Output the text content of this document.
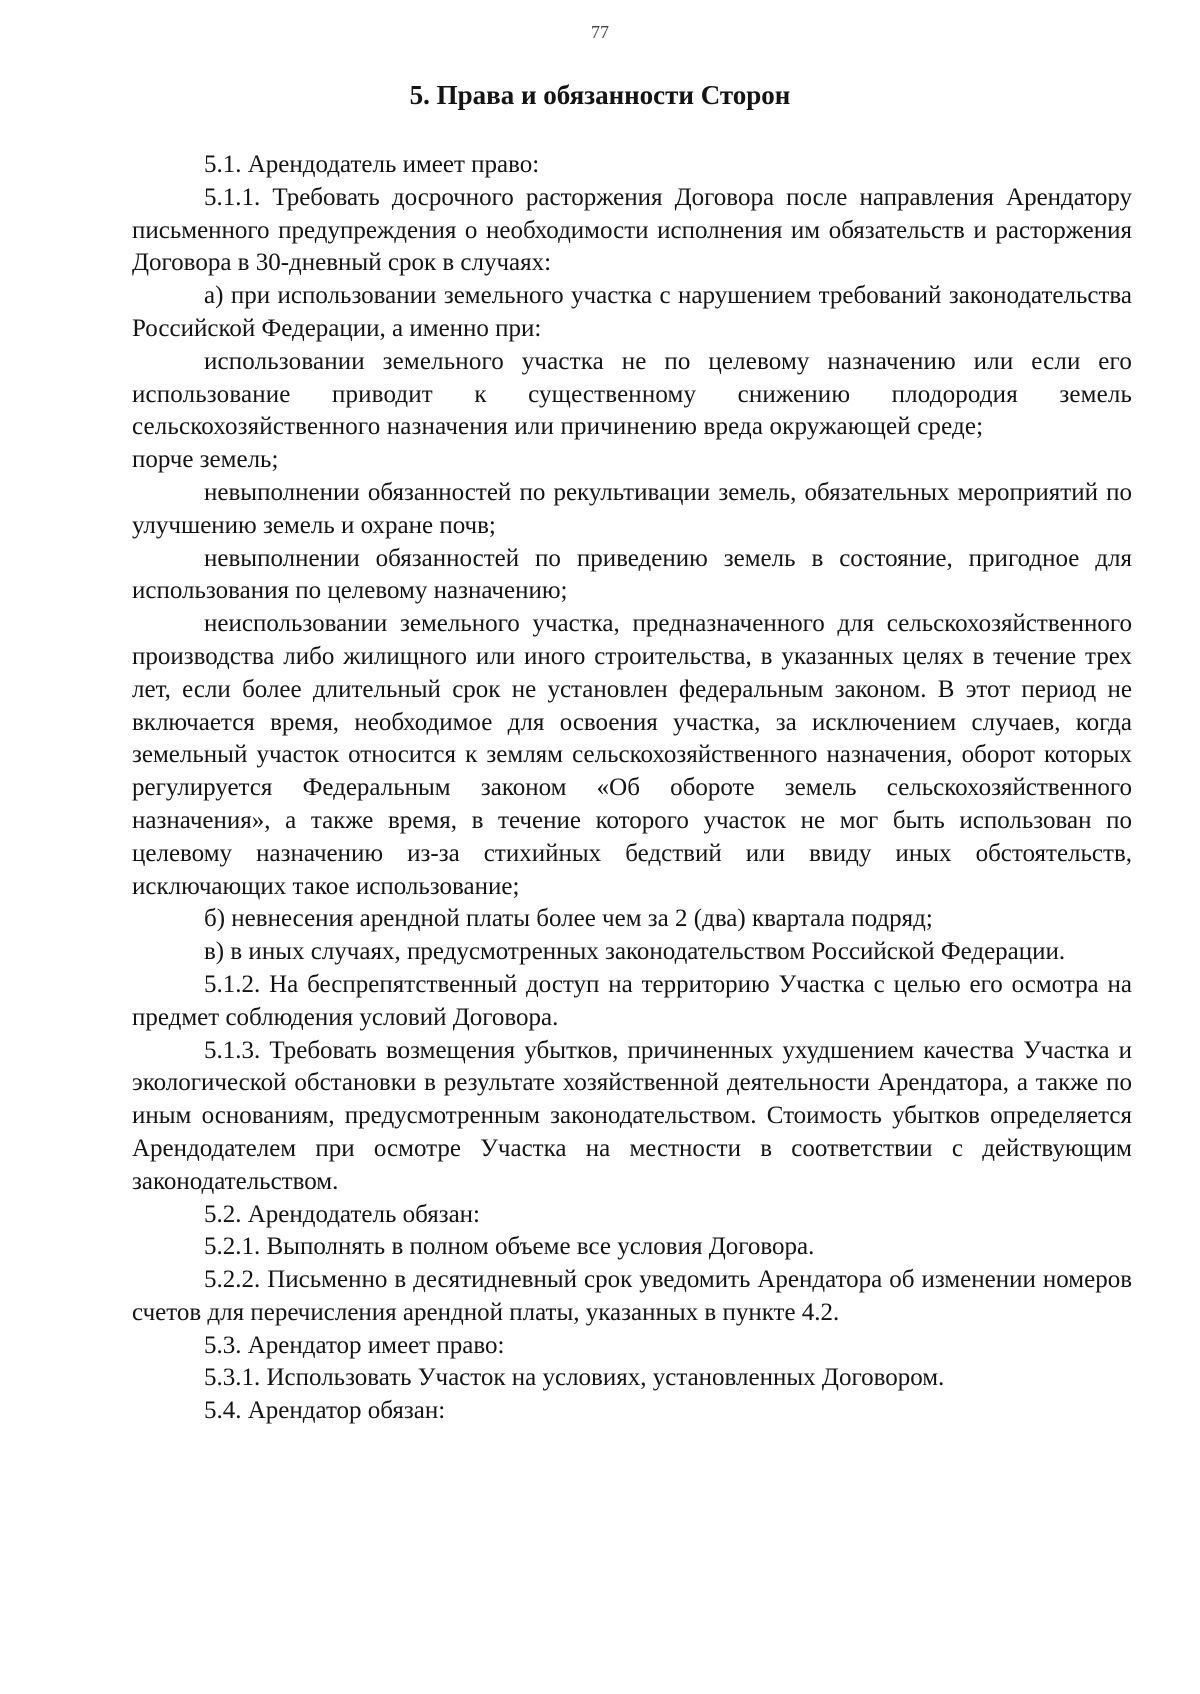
77
5. Права и обязанности Сторон

5.1. Арендодатель имеет право:

5.1.1. Требовать досрочного расторжения Договора после направления Арендатору письменного предупреждения о необходимости исполнения им обязательств и расторжения Договора в 30-дневный срок в случаях:

а) при использовании земельного участка с нарушением требований законодательства Российской Федерации, а именно при:

использовании земельного участка не по целевому назначению или если его использование приводит к существенному снижению плодородия земель сельскохозяйственного назначения или причинению вреда окружающей среде;

порче земель;

невыполнении обязанностей по рекультивации земель, обязательных мероприятий по улучшению земель и охране почв;

невыполнении обязанностей по приведению земель в состояние, пригодное для использования по целевому назначению;

неиспользовании земельного участка, предназначенного для сельскохозяйственного производства либо жилищного или иного строительства, в указанных целях в течение трех лет, если более длительный срок не установлен федеральным законом. В этот период не включается время, необходимое для освоения участка, за исключением случаев, когда земельный участок относится к землям сельскохозяйственного назначения, оборот которых регулируется Федеральным законом «Об обороте земель сельскохозяйственного назначения», а также время, в течение которого участок не мог быть использован по целевому назначению из-за стихийных бедствий или ввиду иных обстоятельств, исключающих такое использование;

б) невнесения арендной платы более чем за 2 (два) квартала подряд;

в) в иных случаях, предусмотренных законодательством Российской Федерации.

5.1.2. На беспрепятственный доступ на территорию Участка с целью его осмотра на предмет соблюдения условий Договора.

5.1.3. Требовать возмещения убытков, причиненных ухудшением качества Участка и экологической обстановки в результате хозяйственной деятельности Арендатора, а также по иным основаниям, предусмотренным законодательством. Стоимость убытков определяется Арендодателем при осмотре Участка на местности в соответствии с действующим законодательством.

5.2. Арендодатель обязан:

5.2.1. Выполнять в полном объеме все условия Договора.

5.2.2. Письменно в десятидневный срок уведомить Арендатора об изменении номеров счетов для перечисления арендной платы, указанных в пункте 4.2.

5.3. Арендатор имеет право:

5.3.1. Использовать Участок на условиях, установленных Договором.

5.4. Арендатор обязан:
